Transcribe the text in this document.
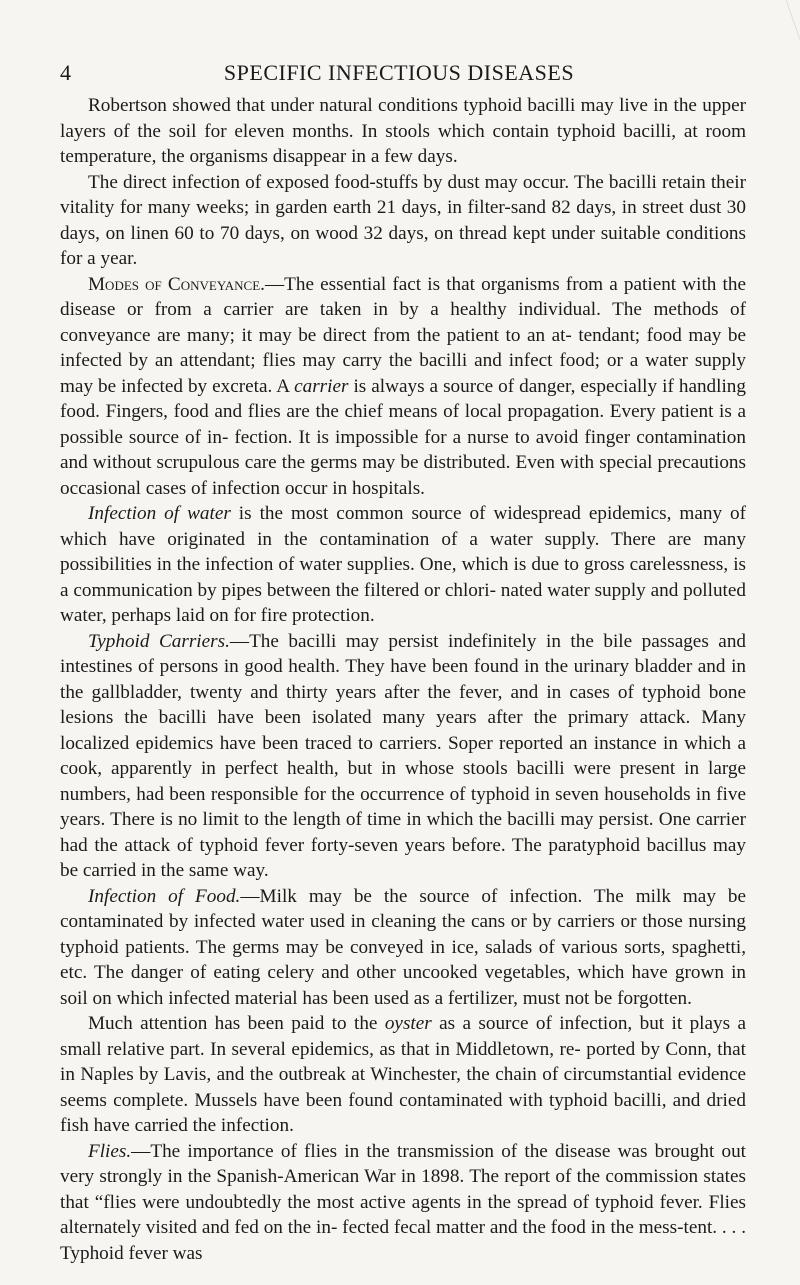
4	SPECIFIC INFECTIOUS DISEASES

Robertson showed that under natural conditions typhoid bacilli may live in the upper layers of the soil for eleven months. In stools which contain typhoid bacilli, at room temperature, the organisms disappear in a few days.

The direct infection of exposed food-stuffs by dust may occur. The bacilli retain their vitality for many weeks; in garden earth 21 days, in filter-sand 82 days, in street dust 30 days, on linen 60 to 70 days, on wood 32 days, on thread kept under suitable conditions for a year.

Modes of Conveyance.—The essential fact is that organisms from a patient with the disease or from a carrier are taken in by a healthy individual. The methods of conveyance are many; it may be direct from the patient to an at- tendant; food may be infected by an attendant; flies may carry the bacilli and infect food; or a water supply may be infected by excreta. A carrier is always a source of danger, especially if handling food. Fingers, food and flies are the chief means of local propagation. Every patient is a possible source of in- fection. It is impossible for a nurse to avoid finger contamination and without scrupulous care the germs may be distributed. Even with special precautions occasional cases of infection occur in hospitals.

Infection of water is the most common source of widespread epidemics, many of which have originated in the contamination of a water supply. There are many possibilities in the infection of water supplies. One, which is due to gross carelessness, is a communication by pipes between the filtered or chlori- nated water supply and polluted water, perhaps laid on for fire protection.

Typhoid Carriers.—The bacilli may persist indefinitely in the bile passages and intestines of persons in good health. They have been found in the urinary bladder and in the gallbladder, twenty and thirty years after the fever, and in cases of typhoid bone lesions the bacilli have been isolated many years after the primary attack. Many localized epidemics have been traced to carriers. Soper reported an instance in which a cook, apparently in perfect health, but in whose stools bacilli were present in large numbers, had been responsible for the occurrence of typhoid in seven households in five years. There is no limit to the length of time in which the bacilli may persist. One carrier had the attack of typhoid fever forty-seven years before. The paratyphoid bacillus may be carried in the same way.

Infection of Food.—Milk may be the source of infection. The milk may be contaminated by infected water used in cleaning the cans or by carriers or those nursing typhoid patients. The germs may be conveyed in ice, salads of various sorts, spaghetti, etc. The danger of eating celery and other uncooked vegetables, which have grown in soil on which infected material has been used as a fertilizer, must not be forgotten.

Much attention has been paid to the oyster as a source of infection, but it plays a small relative part. In several epidemics, as that in Middletown, re- ported by Conn, that in Naples by Lavis, and the outbreak at Winchester, the chain of circumstantial evidence seems complete. Mussels have been found contaminated with typhoid bacilli, and dried fish have carried the infection.

Flies.—The importance of flies in the transmission of the disease was brought out very strongly in the Spanish-American War in 1898. The report of the commission states that “flies were undoubtedly the most active agents in the spread of typhoid fever. Flies alternately visited and fed on the in- fected fecal matter and the food in the mess-tent. . . . Typhoid fever was
